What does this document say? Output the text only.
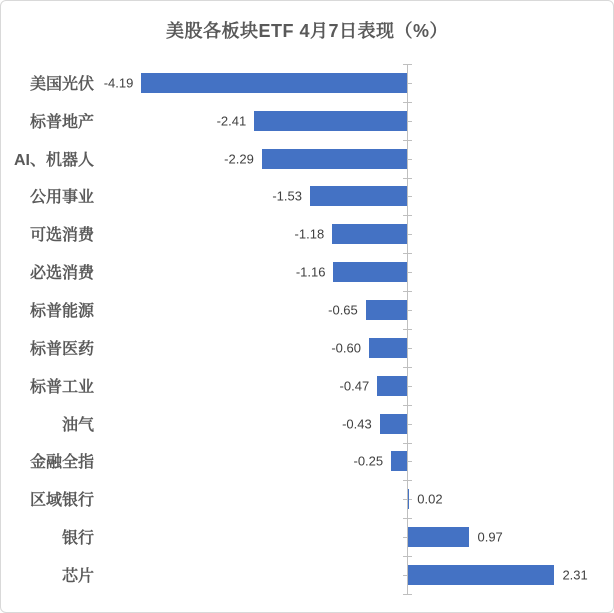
美股各板块ETF 4月7日表现（%）
美国光伏 -4.19
标普地产	-2.41
AI、机器人	-2.29
公用事业	-1.53
可选消费	-1.18
必选消费	-1.16
标普能源	-0.65
标普医药	-0.60
标普工业	-0.47
油气	-0.43
金融全指	-0.25
区域银行	0.02
银行	0.97
芯片	2.31
